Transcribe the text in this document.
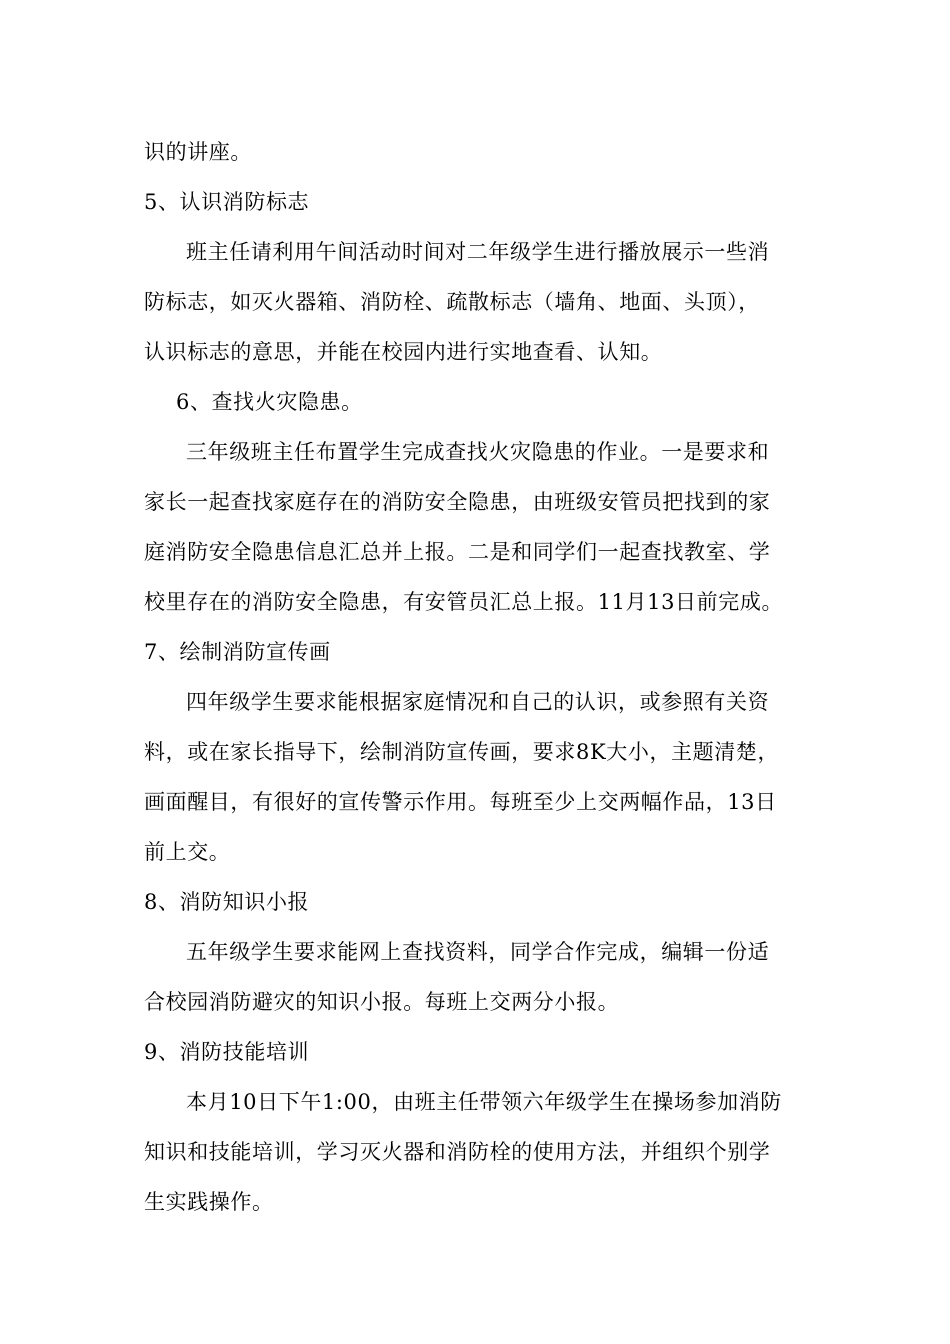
识的讲座。
5、认识消防标志
班主任请利用午间活动时间对二年级学生进行播放展示一些消
防标志，如灭火器箱、消防栓、疏散标志（墙角、地面、头顶），
认识标志的意思，并能在校园内进行实地查看、认知。
6、查找火灾隐患。
三年级班主任布置学生完成查找火灾隐患的作业。一是要求和
家长一起查找家庭存在的消防安全隐患，由班级安管员把找到的家
庭消防安全隐患信息汇总并上报。二是和同学们一起查找教室、学
校里存在的消防安全隐患，有安管员汇总上报。11月13日前完成。
7、绘制消防宣传画
四年级学生要求能根据家庭情况和自己的认识，或参照有关资
料，或在家长指导下，绘制消防宣传画，要求8K大小，主题清楚，
画面醒目，有很好的宣传警示作用。每班至少上交两幅作品，13日
前上交。
8、消防知识小报
五年级学生要求能网上查找资料，同学合作完成，编辑一份适
合校园消防避灾的知识小报。每班上交两分小报。
9、消防技能培训
本月10日下午1:00，由班主任带领六年级学生在操场参加消防
知识和技能培训，学习灭火器和消防栓的使用方法，并组织个别学
生实践操作。
